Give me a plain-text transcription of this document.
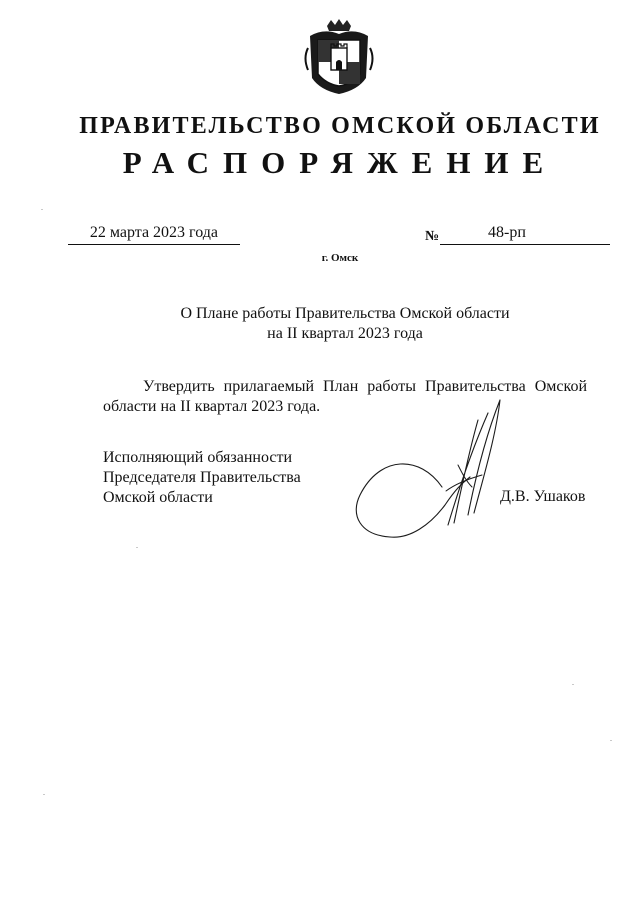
ПРАВИТЕЛЬСТВО ОМСКОЙ ОБЛАСТИ
РАСПОРЯЖЕНИЕ
22 марта 2023 года	№	48-рп
г. Омск
О Плане работы Правительства Омской области
на II квартал 2023 года
Утвердить прилагаемый План работы Правительства Омской области на II квартал 2023 года.
Исполняющий обязанности
Председателя Правительства
Омской области	Д.В. Ушаков
